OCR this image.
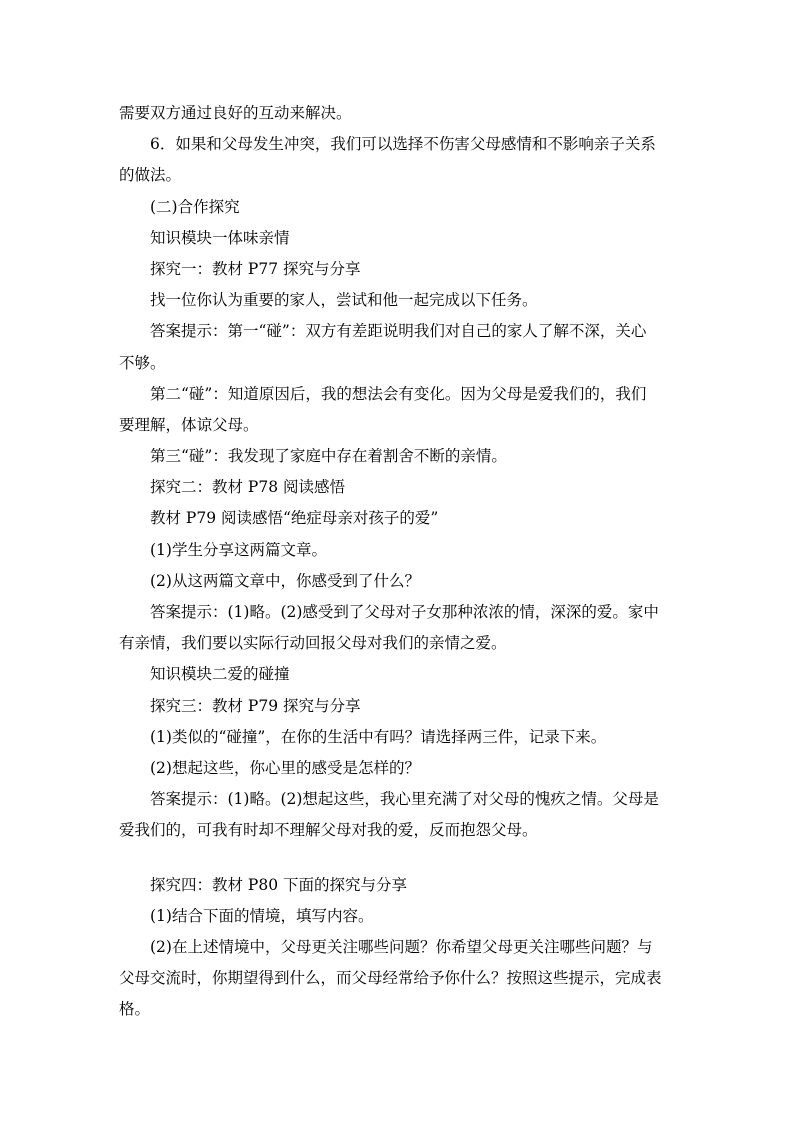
需要双方通过良好的互动来解决。
6．如果和父母发生冲突，我们可以选择不伤害父母感情和不影响亲子关系
的做法。
(二)合作探究
知识模块一体味亲情
探究一：教材 P77 探究与分享
找一位你认为重要的家人，尝试和他一起完成以下任务。
答案提示：第一“碰”：双方有差距说明我们对自己的家人了解不深，关心
不够。
第二“碰”：知道原因后，我的想法会有变化。因为父母是爱我们的，我们
要理解，体谅父母。
第三“碰”：我发现了家庭中存在着割舍不断的亲情。
探究二：教材 P78 阅读感悟
教材 P79 阅读感悟“绝症母亲对孩子的爱”
(1)学生分享这两篇文章。
(2)从这两篇文章中，你感受到了什么？
答案提示：(1)略。(2)感受到了父母对子女那种浓浓的情，深深的爱。家中
有亲情，我们要以实际行动回报父母对我们的亲情之爱。
知识模块二爱的碰撞
探究三：教材 P79 探究与分享
(1)类似的“碰撞”，在你的生活中有吗？请选择两三件，记录下来。
(2)想起这些，你心里的感受是怎样的？
答案提示：(1)略。(2)想起这些，我心里充满了对父母的愧疚之情。父母是
爱我们的，可我有时却不理解父母对我的爱，反而抱怨父母。
探究四：教材 P80 下面的探究与分享
(1)结合下面的情境，填写内容。
(2)在上述情境中，父母更关注哪些问题？你希望父母更关注哪些问题？与
父母交流时，你期望得到什么，而父母经常给予你什么？按照这些提示，完成表
格。
